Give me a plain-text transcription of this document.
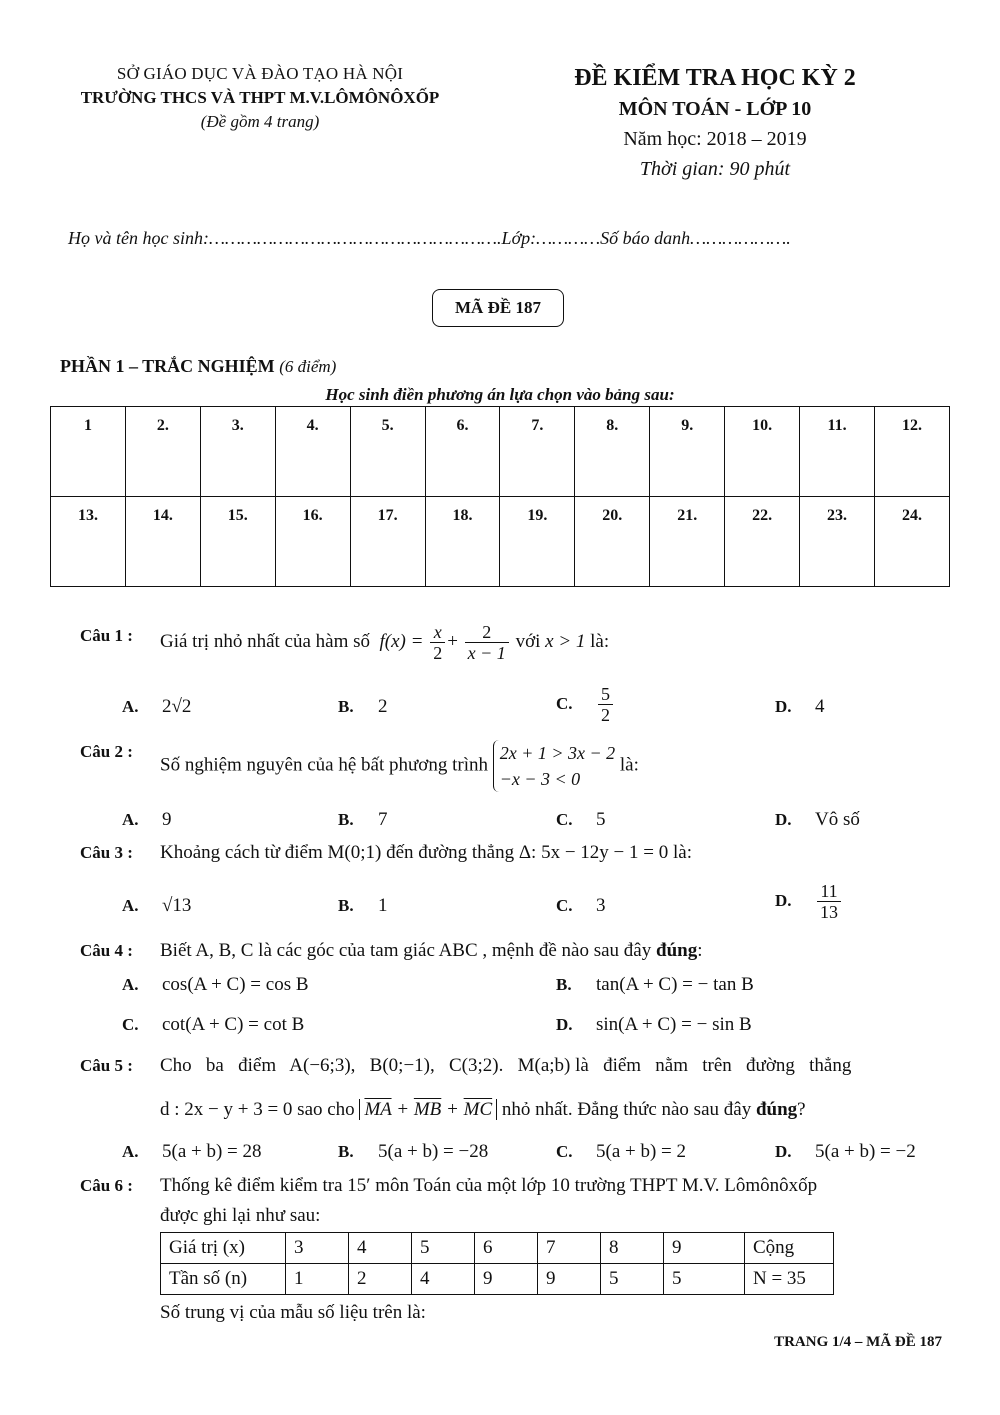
SỞ GIÁO DỤC VÀ ĐÀO TẠO HÀ NỘI
TRƯỜNG THCS VÀ THPT M.V.LÔMÔNÔXỐP
(Đề gồm 4 trang)
ĐỀ KIỂM TRA HỌC KỲ 2
MÔN TOÁN - LỚP 10
Năm học: 2018 – 2019
Thời gian: 90 phút
Họ và tên học sinh:……………………………………………….Lớp:…………Số báo danh……………….
MÃ ĐỀ 187
PHẦN 1 – TRẮC NGHIỆM (6 điểm)
Học sinh điền phương án lựa chọn vào bảng sau:
1	2.	3.	4.	5.	6.	7.	8.	9.	10.	11.	12.
13.	14.	15.	16.	17.	18.	19.	20.	21.	22.	23.	24.
Câu 1 : Giá trị nhỏ nhất của hàm số  $f(x) = \frac{x}{2} + \frac{2}{x - 1}$ với x > 1 là:
A. 2√2	B. 2	C. $\frac{5}{2}$	D. 4
Câu 2 :
Số nghiệm nguyên của hệ bất phương trình
2x + 1 > 3x − 2
−x − 3 < 0
là:
A. 9	B. 7	C. 5	D. Vô số
Câu 3 : Khoảng cách từ điểm M(0;1) đến đường thẳng Δ: 5x − 12y − 1 = 0 là:
A. √13	B. 1	C. 3	D. $\frac{11}{13}$
Câu 4 : Biết A, B, C là các góc của tam giác ABC , mệnh đề nào sau đây đúng:
A. cos(A + C) = cos B	B. tan(A + C) = − tan B
C. cot(A + C) = cot B	D. sin(A + C) = − sin B
Câu 5 : Cho   ba   điểm   A(−6;3),   B(0;−1),   C(3;2).   M(a;b) là   điểm   nằm   trên   đường   thẳng
d : 2x − y + 3 = 0 sao cho $\overline{MA} + \overline{MB} + \overline{MC}$ nhỏ nhất. Đẳng thức nào sau đây đúng?
A. 5(a + b) = 28	B. 5(a + b) = −28	C. 5(a + b) = 2	D. 5(a + b) = −2
Câu 6 : Thống kê điểm kiểm tra 15′ môn Toán của một lớp 10 trường THPT M.V. Lômônôxốp
được ghi lại như sau:
Giá trị (x)	3	4	5	6	7	8	9	Cộng
Tần số (n)	1	2	4	9	9	5	5	N = 35
Số trung vị của mẫu số liệu trên là:
TRANG 1/4 – MÃ ĐỀ 187
